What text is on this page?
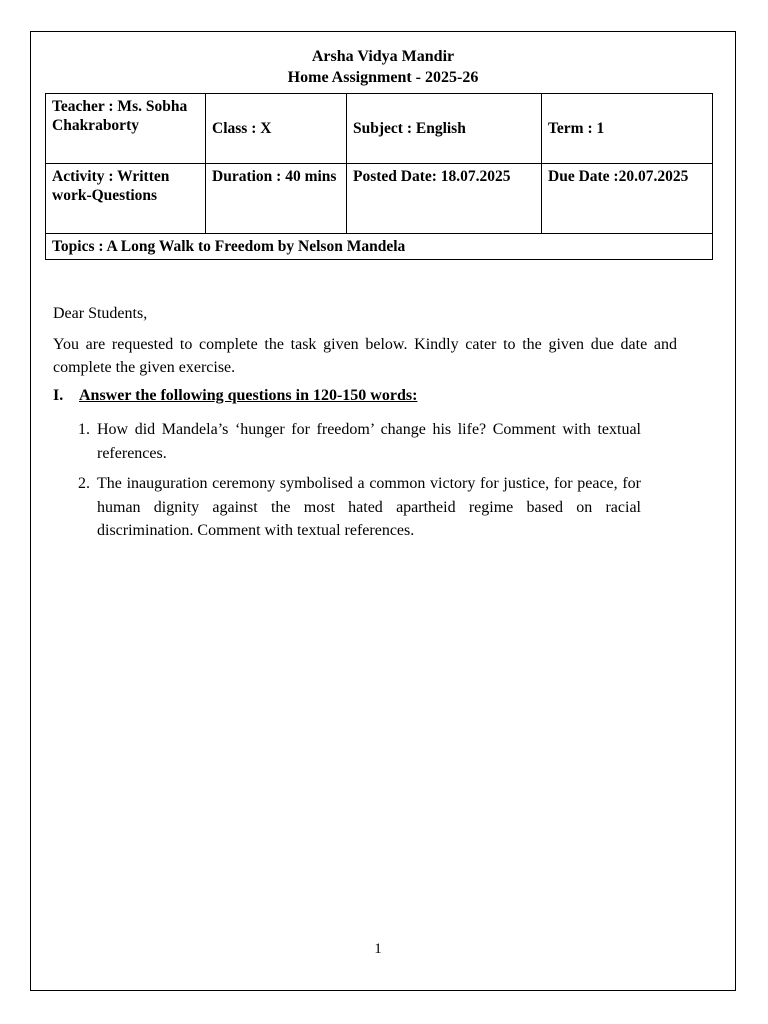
Arsha Vidya Mandir
Home Assignment - 2025-26
Teacher : Ms. Sobha Chakraborty	Class : X	Subject : English	Term : 1
Activity : Written work-Questions	Duration : 40 mins	Posted Date: 18.07.2025	Due Date :20.07.2025
Topics : A Long Walk to Freedom by Nelson Mandela			
Dear Students,
You are requested to complete the task given below. Kindly cater to the given due date and complete the given exercise.
I. Answer the following questions in 120-150 words:
1. How did Mandela’s ‘hunger for freedom’ change his life? Comment with textual references.
2. The inauguration ceremony symbolised a common victory for justice, for peace, for human dignity against the most hated apartheid regime based on racial discrimination. Comment with textual references.
1
